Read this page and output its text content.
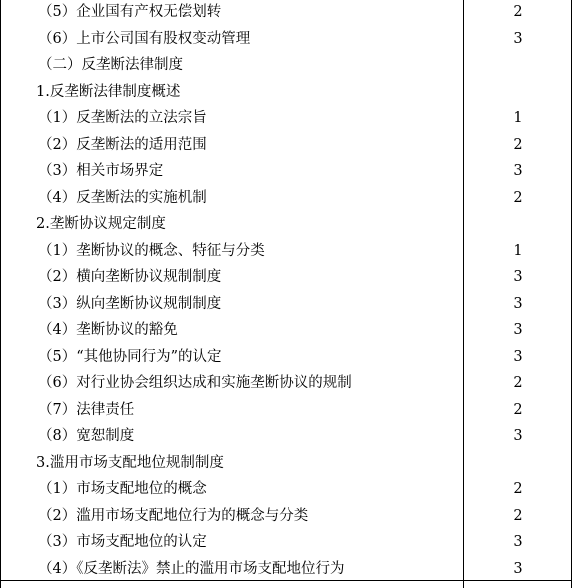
（5）企业国有产权无偿划转	2
（6）上市公司国有股权变动管理	3
（二）反垄断法律制度
1.反垄断法律制度概述
（1）反垄断法的立法宗旨	1
（2）反垄断法的适用范围	2
（3）相关市场界定	3
（4）反垄断法的实施机制	2
2.垄断协议规定制度
（1）垄断协议的概念、特征与分类	1
（2）横向垄断协议规制制度	3
（3）纵向垄断协议规制制度	3
（4）垄断协议的豁免	3
（5）“其他协同行为”的认定	3
（6）对行业协会组织达成和实施垄断协议的规制	2
（7）法律责任	2
（8）宽恕制度	3
3.滥用市场支配地位规制制度
（1）市场支配地位的概念	2
（2）滥用市场支配地位行为的概念与分类	2
（3）市场支配地位的认定	3
（4）《反垄断法》禁止的滥用市场支配地位行为	3
